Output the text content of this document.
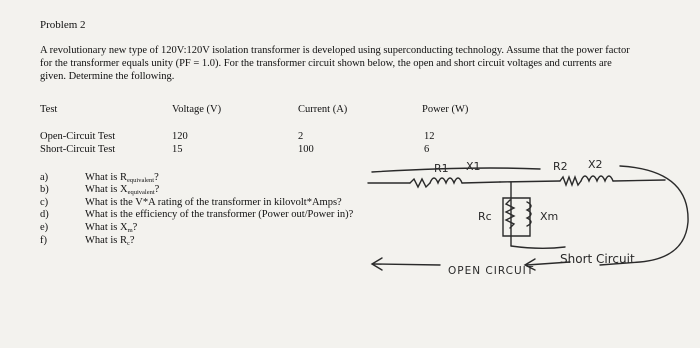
Problem 2
A revolutionary new type of 120V:120V isolation transformer is developed using superconducting technology. Assume that the power factor for the transformer equals unity (PF = 1.0). For the transformer circuit shown below, the open and short circuit voltages and currents are given. Determine the following.
Test	Voltage (V)	Current (A)	Power (W)
Open-Circuit Test	120	2	12
Short-Circuit Test	15	100	6
a)	What is $R_{equivalent}$?
b)	What is $X_{equivalent}$?
c)	What is the V*A rating of the transformer in kilovolt*Amps?
d)	What is the efficiency of the transformer (Power out/Power in)?
e)	What is $X_m$?
f)	What is $R_c$?
R1 X1	R2 X2
Rc	Xm
OPEN CIRCUIT
Short Circuit
